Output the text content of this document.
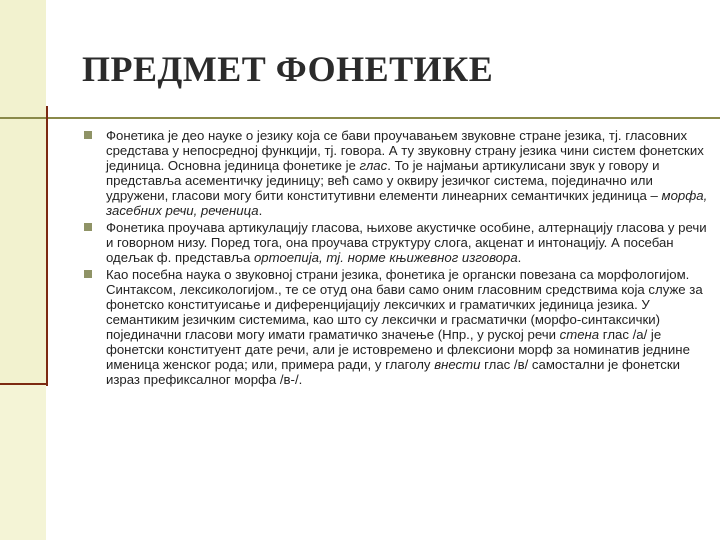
ПРЕДМЕТ ФОНЕТИКЕ
Фонетика је део науке о језику која се бави проучавањем звуковне стране језика, тј. гласовних средстава у непосредној функцији, тј. говора. А ту звуковну страну језика чини систем фонетских јединица. Основна јединица фонетике је глас. То је најмањи артикулисани звук у говору и представља асементичку јединицу; већ само у оквиру језичког система, појединачно или удружени, гласови могу бити конститутивни елементи линеарних семантичких јединица – морфа, засебних речи, реченица.
Фонетика проучава артикулацију гласова, њихове акустичке особине, алтернацију гласова у речи и говорном низу. Поред тога, она проучава структуру слога, акценат и интонацију. А посебан одељак ф. представља ортоепија, тј. норме књижевног изговора.
Као посебна наука о звуковној страни језика, фонетика је органски повезана са морфологијом. Синтаксом, лексикологијом., те се отуд она бави само оним гласовним средствима која служе за фонетско конституисање и диференцијацију лексичких и граматичких јединица језика. У семантиким језичким системима, као што су лексички и грaсматички (морфо-синтаксички) појединачни гласови могу имати граматичко значење (Нпр., у руској речи стена глас /а/ је фонетски конституент дате речи, али је истовремено и флексиони морф за номинатив једнине именица женског рода; или, примера ради, у глаголу внести глас /в/ самостални је фонетски израз префиксалног морфа /в-/.
